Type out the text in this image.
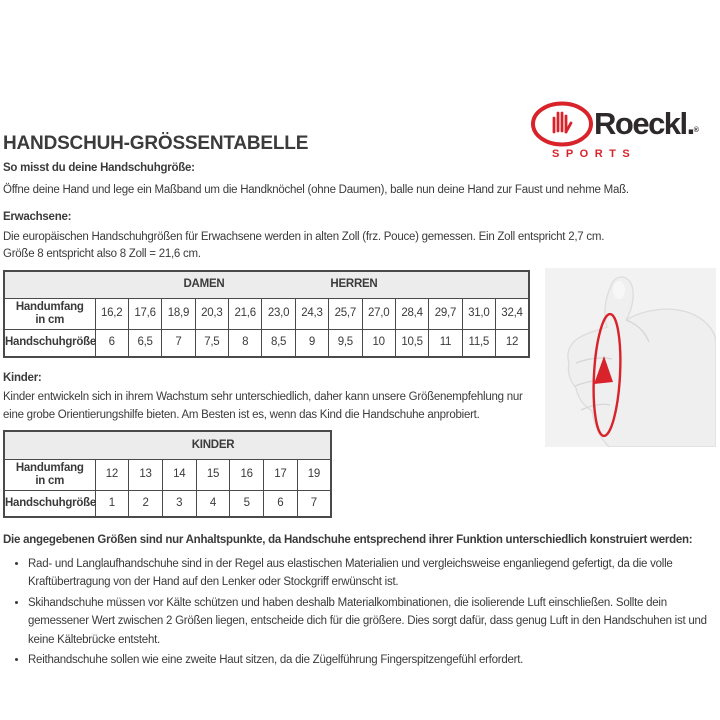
HANDSCHUH-GRÖSSENTABELLE
Roeckl.®
SPORTS
So misst du deine Handschuhgröße:

Öffne deine Hand und lege ein Maßband um die Handknöchel (ohne Daumen), balle nun deine Hand zur Faust und nehme Maß.

Erwachsene:

Die europäischen Handschuhgrößen für Erwachsene werden in alten Zoll (frz. Pouce) gemessen. Ein Zoll entspricht 2,7 cm.

Größe 8 entspricht also 8 Zoll = 21,6 cm.

DAMEN HERREN													

Handumfang
in cm	16,2	17,6	18,9	20,3	21,6	23,0	24,3	25,7	27,0	28,4	29,7	31,0	32,4
Handschuhgröße	6	6,5	7	7,5	8	8,5	9	9,5	10	10,5	11	11,5	12
Kinder:

Kinder entwickeln sich in ihrem Wachstum sehr unterschiedlich, daher kann unsere Größenempfehlung nur eine grobe Orientierungshilfe bieten. Am Besten ist es, wenn das Kind die Handschuhe anprobiert.

KINDER							

Handumfang
in cm	12	13	14	15	16	17	19
Handschuhgröße	1	2	3	4	5	6	7
Die angegebenen Größen sind nur Anhaltspunkte, da Handschuhe entsprechend ihrer Funktion unterschiedlich konstruiert werden:
• Rad- und Langlaufhandschuhe sind in der Regel aus elastischen Materialien und vergleichsweise enganliegend gefertigt, da die volle Kraftübertragung von der Hand auf den Lenker oder Stockgriff erwünscht ist.
• Skihandschuhe müssen vor Kälte schützen und haben deshalb Materialkombinationen, die isolierende Luft einschließen. Sollte dein gemessener Wert zwischen 2 Größen liegen, entscheide dich für die größere. Dies sorgt dafür, dass genug Luft in den Handschuhen ist und keine Kältebrücke entsteht.
• Reithandschuhe sollen wie eine zweite Haut sitzen, da die Zügelführung Fingerspitzengefühl erfordert.
